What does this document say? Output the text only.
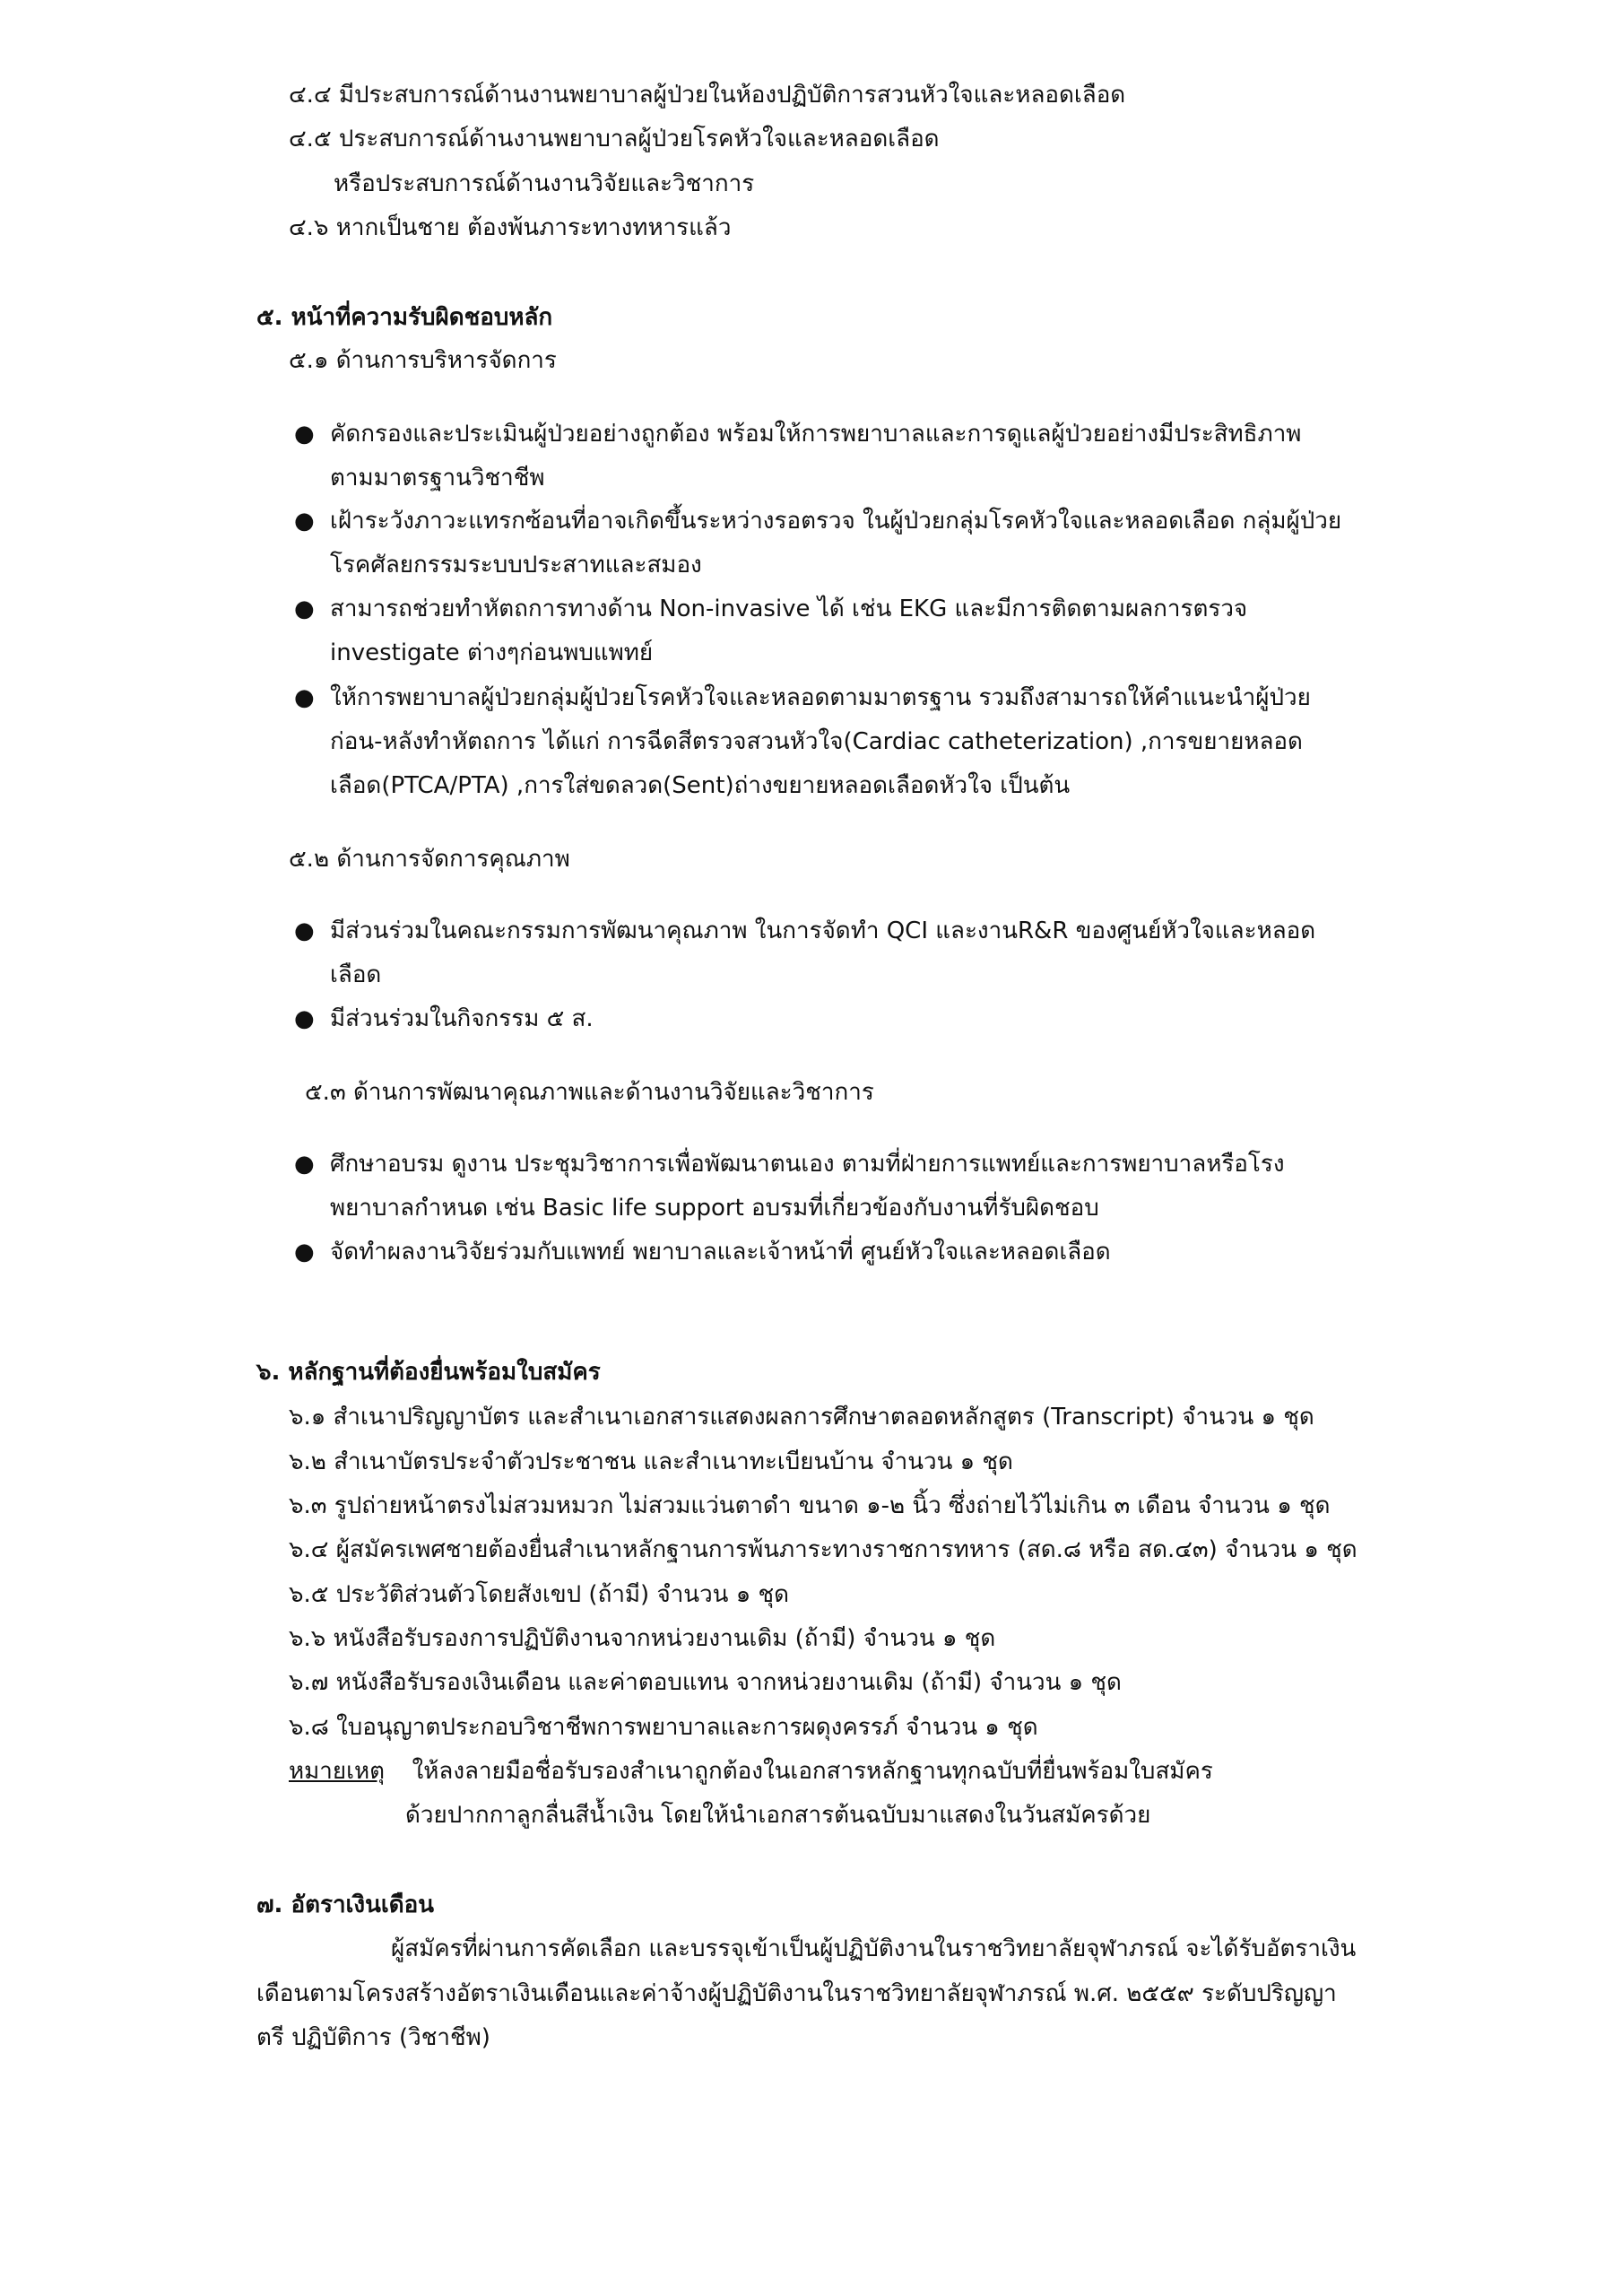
๔.๔ มีประสบการณ์ด้านงานพยาบาลผู้ป่วยในห้องปฏิบัติการสวนหัวใจและหลอดเลือด
๔.๕ ประสบการณ์ด้านงานพยาบาลผู้ป่วยโรคหัวใจและหลอดเลือด
หรือประสบการณ์ด้านงานวิจัยและวิชาการ
๔.๖ หากเป็นชาย ต้องพ้นภาระทางทหารแล้ว
๕. หน้าที่ความรับผิดชอบหลัก
๕.๑ ด้านการบริหารจัดการ
● คัดกรองและประเมินผู้ป่วยอย่างถูกต้อง พร้อมให้การพยาบาลและการดูแลผู้ป่วยอย่างมีประสิทธิภาพ
ตามมาตรฐานวิชาชีพ
● เฝ้าระวังภาวะแทรกซ้อนที่อาจเกิดขึ้นระหว่างรอตรวจ ในผู้ป่วยกลุ่มโรคหัวใจและหลอดเลือด กลุ่มผู้ป่วย
โรคศัลยกรรมระบบประสาทและสมอง
● สามารถช่วยทำหัตถการทางด้าน Non-invasive ได้ เช่น EKG และมีการติดตามผลการตรวจ
investigate ต่างๆก่อนพบแพทย์
● ให้การพยาบาลผู้ป่วยกลุ่มผู้ป่วยโรคหัวใจและหลอดตามมาตรฐาน รวมถึงสามารถให้คำแนะนำผู้ป่วย
ก่อน-หลังทำหัตถการ ได้แก่ การฉีดสีตรวจสวนหัวใจ(Cardiac catheterization) ,การขยายหลอด
เลือด(PTCA/PTA) ,การใส่ขดลวด(Sent)ถ่างขยายหลอดเลือดหัวใจ เป็นต้น
๕.๒ ด้านการจัดการคุณภาพ
● มีส่วนร่วมในคณะกรรมการพัฒนาคุณภาพ ในการจัดทำ QCI และงานR&R ของศูนย์หัวใจและหลอด
เลือด
● มีส่วนร่วมในกิจกรรม ๕ ส.
๕.๓ ด้านการพัฒนาคุณภาพและด้านงานวิจัยและวิชาการ
● ศึกษาอบรม ดูงาน ประชุมวิชาการเพื่อพัฒนาตนเอง ตามที่ฝ่ายการแพทย์และการพยาบาลหรือโรง
พยาบาลกำหนด เช่น Basic life support อบรมที่เกี่ยวข้องกับงานที่รับผิดชอบ
● จัดทำผลงานวิจัยร่วมกับแพทย์ พยาบาลและเจ้าหน้าที่ ศูนย์หัวใจและหลอดเลือด
๖. หลักฐานที่ต้องยื่นพร้อมใบสมัคร
๖.๑ สำเนาปริญญาบัตร และสำเนาเอกสารแสดงผลการศึกษาตลอดหลักสูตร (Transcript) จำนวน ๑ ชุด
๖.๒ สำเนาบัตรประจำตัวประชาชน และสำเนาทะเบียนบ้าน จำนวน ๑ ชุด
๖.๓ รูปถ่ายหน้าตรงไม่สวมหมวก ไม่สวมแว่นตาดำ ขนาด ๑-๒ นิ้ว ซึ่งถ่ายไว้ไม่เกิน ๓ เดือน จำนวน ๑ ชุด
๖.๔ ผู้สมัครเพศชายต้องยื่นสำเนาหลักฐานการพ้นภาระทางราชการทหาร (สด.๘ หรือ สด.๔๓) จำนวน ๑ ชุด
๖.๕ ประวัติส่วนตัวโดยสังเขป (ถ้ามี) จำนวน ๑ ชุด
๖.๖ หนังสือรับรองการปฏิบัติงานจากหน่วยงานเดิม (ถ้ามี) จำนวน ๑ ชุด
๖.๗ หนังสือรับรองเงินเดือน และค่าตอบแทน จากหน่วยงานเดิม (ถ้ามี) จำนวน ๑ ชุด
๖.๘ ใบอนุญาตประกอบวิชาชีพการพยาบาลและการผดุงครรภ์ จำนวน ๑ ชุด
หมายเหตุ ให้ลงลายมือชื่อรับรองสำเนาถูกต้องในเอกสารหลักฐานทุกฉบับที่ยื่นพร้อมใบสมัคร
ด้วยปากกาลูกลื่นสีน้ำเงิน โดยให้นำเอกสารต้นฉบับมาแสดงในวันสมัครด้วย
๗. อัตราเงินเดือน
ผู้สมัครที่ผ่านการคัดเลือก และบรรจุเข้าเป็นผู้ปฏิบัติงานในราชวิทยาลัยจุฬาภรณ์ จะได้รับอัตราเงิน
เดือนตามโครงสร้างอัตราเงินเดือนและค่าจ้างผู้ปฏิบัติงานในราชวิทยาลัยจุฬาภรณ์ พ.ศ. ๒๕๕๙ ระดับปริญญา
ตรี ปฏิบัติการ (วิชาชีพ)
